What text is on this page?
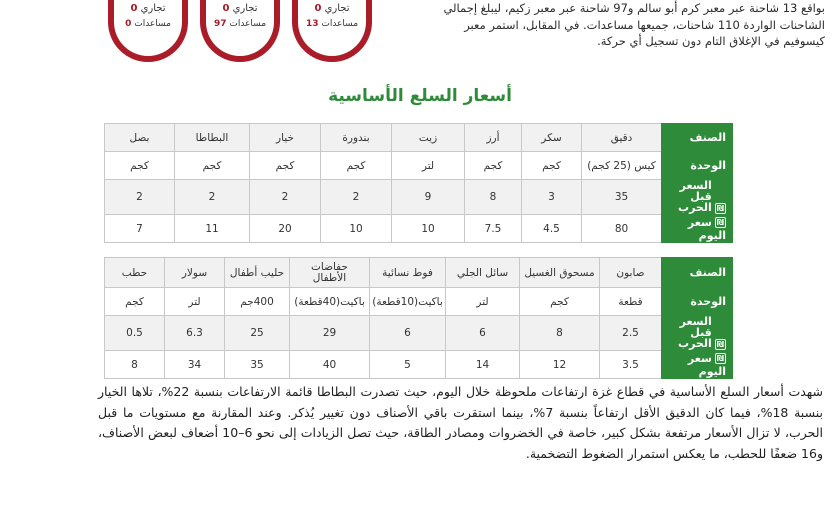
تجاري 0
مساعدات 0
تجاري 0
مساعدات 97
تجاري 0
مساعدات 13

بواقع 13 شاحنة عبر معبر كرم أبو سالم و97 شاحنة عبر معبر زكيم، ليبلغ إجمالي الشاحنات الواردة 110 شاحنات، جميعها مساعدات. في المقابل، استمر معبر كيسوفيم في الإغلاق التام دون تسجيل أي حركة.

أسعار السلع الأساسية
الصنف	دقيق	سكر	أرز	زيت	بندورة	خيار	البطاطا	بصل
الوحدة	كيس (25 كجم)	كجم	كجم	لتر	كجم	كجم	كجم	كجم
₪السعر قبل الحرب	35	3	8	9	2	2	2	2
₪سعر اليوم	80	4.5	7.5	10	10	20	11	7
الصنف	صابون	مسحوق الغسيل	سائل الجلي	فوط نسائية	حفاضات الأطفال	حليب أطفال	سولار	حطب
الوحدة	قطعة	كجم	لتر	باكيت(10قطعة)	باكيت(40قطعة)	400جم	لتر	كجم
₪السعر قبل الحرب	2.5	8	6	6	29	25	6.3	0.5
₪سعر اليوم	3.5	12	14	5	40	35	34	8

شهدت أسعار السلع الأساسية في قطاع غزة ارتفاعات ملحوظة خلال اليوم، حيث تصدرت البطاطا قائمة الارتفاعات بنسبة 22%، تلاها الخيار بنسبة 18%، فيما كان الدقيق الأقل ارتفاعاً بنسبة 7%، بينما استقرت باقي الأصناف دون تغيير يُذكر. وعند المقارنة مع مستويات ما قبل الحرب، لا تزال الأسعار مرتفعة بشكل كبير، خاصة في الخضروات ومصادر الطاقة، حيث تصل الزيادات إلى نحو 6–10 أضعاف لبعض الأصناف، و16 ضعفًا للحطب، ما يعكس استمرار الضغوط التضخمية.
